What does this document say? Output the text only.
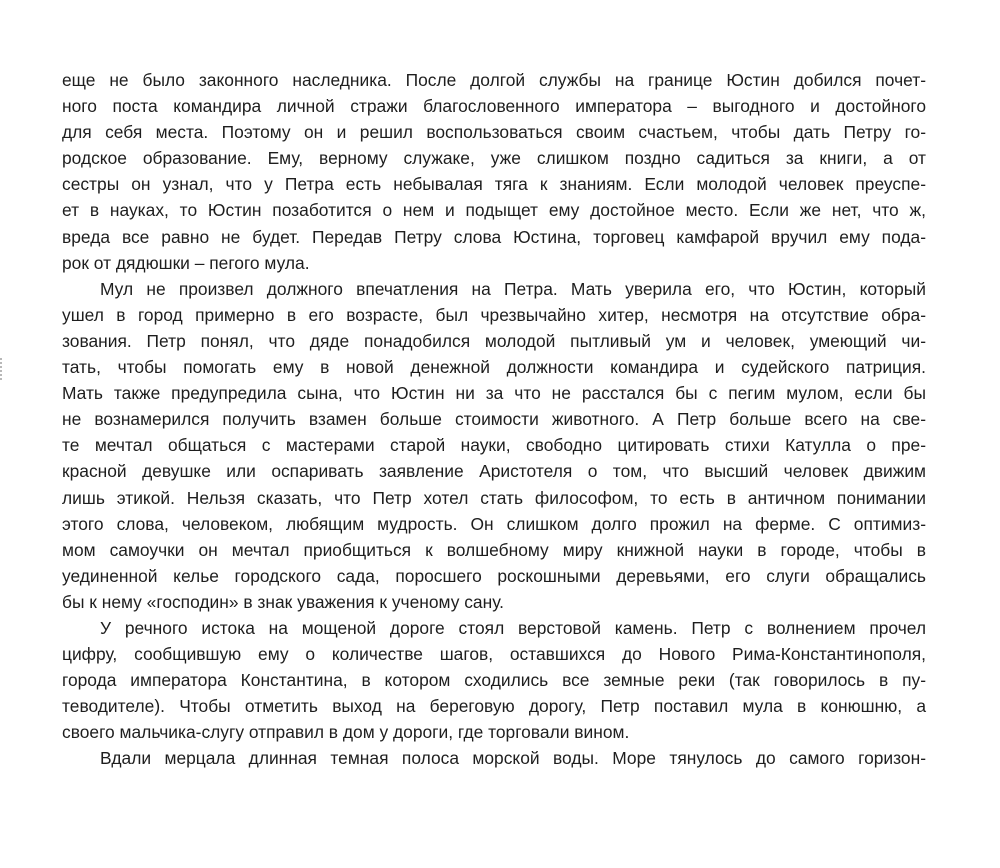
еще не было законного наследника. После долгой службы на границе Юстин добился почет-
ного поста командира личной стражи благословенного императора – выгодного и достойного
для себя места. Поэтому он и решил воспользоваться своим счастьем, чтобы дать Петру го-
родское образование. Ему, верному служаке, уже слишком поздно садиться за книги, а от
сестры он узнал, что у Петра есть небывалая тяга к знаниям. Если молодой человек преуспе-
ет в науках, то Юстин позаботится о нем и подыщет ему достойное место. Если же нет, что ж,
вреда все равно не будет. Передав Петру слова Юстина, торговец камфарой вручил ему пода-
рок от дядюшки – пегого мула.
Мул не произвел должного впечатления на Петра. Мать уверила его, что Юстин, который
ушел в город примерно в его возрасте, был чрезвычайно хитер, несмотря на отсутствие обра-
зования. Петр понял, что дяде понадобился молодой пытливый ум и человек, умеющий чи-
тать, чтобы помогать ему в новой денежной должности командира и судейского патриция.
Мать также предупредила сына, что Юстин ни за что не расстался бы с пегим мулом, если бы
не вознамерился получить взамен больше стоимости животного. А Петр больше всего на све-
те мечтал общаться с мастерами старой науки, свободно цитировать стихи Катулла о пре-
красной девушке или оспаривать заявление Аристотеля о том, что высший человек движим
лишь этикой. Нельзя сказать, что Петр хотел стать философом, то есть в античном понимании
этого слова, человеком, любящим мудрость. Он слишком долго прожил на ферме. С оптимиз-
мом самоучки он мечтал приобщиться к волшебному миру книжной науки в городе, чтобы в
уединенной келье городского сада, поросшего роскошными деревьями, его слуги обращались
бы к нему «господин» в знак уважения к ученому сану.
У речного истока на мощеной дороге стоял верстовой камень. Петр с волнением прочел
цифру, сообщившую ему о количестве шагов, оставшихся до Нового Рима-Константинополя,
города императора Константина, в котором сходились все земные реки (так говорилось в пу-
теводителе). Чтобы отметить выход на береговую дорогу, Петр поставил мула в конюшню, а
своего мальчика-слугу отправил в дом у дороги, где торговали вином.
Вдали мерцала длинная темная полоса морской воды. Море тянулось до самого горизон-
